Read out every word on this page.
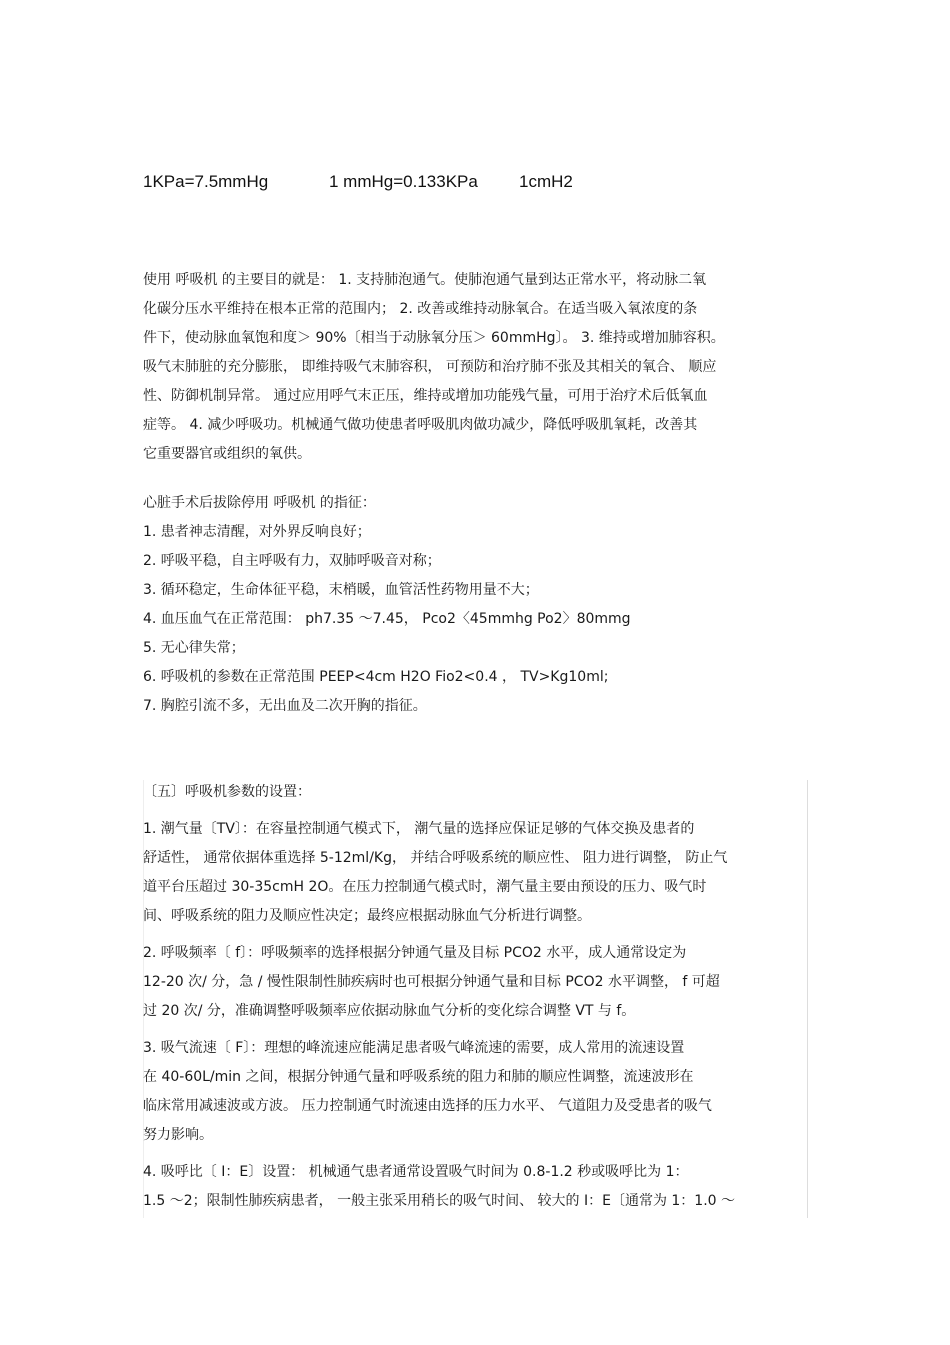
1KPa=7.5mmHg	1 mmHg=0.133KPa 1cmH2
使用 呼吸机 的主要目的就是： 1. 支持肺泡通气。使肺泡通气量到达正常水平，将动脉二氧
化碳分压水平维持在根本正常的范围内； 2. 改善或维持动脉氧合。在适当吸入氧浓度的条
件下，使动脉血氧饱和度＞ 90%〔相当于动脉氧分压＞ 60mmHg〕。 3. 维持或增加肺容积。
吸气末肺脏的充分膨胀， 即维持吸气末肺容积， 可预防和治疗肺不张及其相关的氧合、 顺应
性、防御机制异常。 通过应用呼气末正压，维持或增加功能残气量，可用于治疗术后低氧血
症等。 4. 减少呼吸功。机械通气做功使患者呼吸肌肉做功减少，降低呼吸肌氧耗，改善其
它重要器官或组织的氧供。
心脏手术后拔除停用 呼吸机 的指征：
1. 患者神志清醒，对外界反响良好；
2. 呼吸平稳，自主呼吸有力，双肺呼吸音对称；
3. 循环稳定，生命体征平稳，末梢暖，血管活性药物用量不大；
4. 血压血气在正常范围： ph7.35 ～7.45， Pco2〈45mmhg Po2〉80mmg
5. 无心律失常；
6. 呼吸机的参数在正常范围 PEEP<4cm H2O Fio2<0.4 ， TV>Kg10ml;
7. 胸腔引流不多，无出血及二次开胸的指征。
〔五〕呼吸机参数的设置：
1. 潮气量〔TV〕：在容量控制通气模式下， 潮气量的选择应保证足够的气体交换及患者的
舒适性， 通常依据体重选择 5-12ml/Kg， 并结合呼吸系统的顺应性、 阻力进行调整， 防止气
道平台压超过 30-35cmH 2O。在压力控制通气模式时，潮气量主要由预设的压力、吸气时
间、呼吸系统的阻力及顺应性决定；最终应根据动脉血气分析进行调整。
2. 呼吸频率〔 f〕：呼吸频率的选择根据分钟通气量及目标 PCO2 水平，成人通常设定为
12-20 次/ 分，急 / 慢性限制性肺疾病时也可根据分钟通气量和目标 PCO2 水平调整， f 可超
过 20 次/ 分，准确调整呼吸频率应依据动脉血气分析的变化综合调整 VT 与 f。
3. 吸气流速〔 F〕：理想的峰流速应能满足患者吸气峰流速的需要，成人常用的流速设置
在 40-60L/min 之间，根据分钟通气量和呼吸系统的阻力和肺的顺应性调整，流速波形在
临床常用减速波或方波。 压力控制通气时流速由选择的压力水平、 气道阻力及受患者的吸气
努力影响。
4. 吸呼比〔 I：E〕设置： 机械通气患者通常设置吸气时间为 0.8-1.2 秒或吸呼比为 1：
1.5 ～2；限制性肺疾病患者， 一般主张采用稍长的吸气时间、 较大的 I：E〔通常为 1：1.0 ～
